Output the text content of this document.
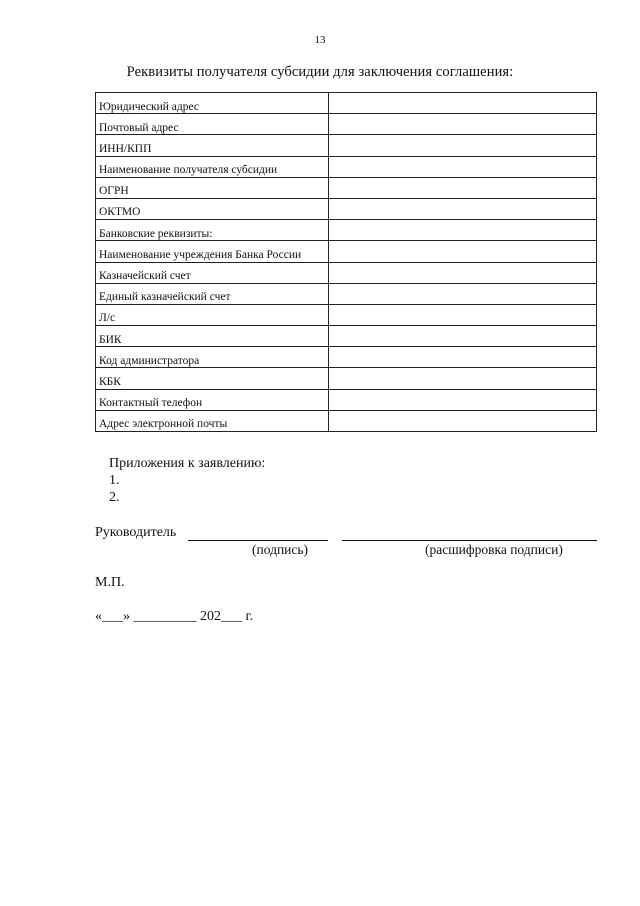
13
Реквизиты получателя субсидии для заключения соглашения:
Юридический адрес	
Почтовый адрес	
ИНН/КПП	
Наименование получателя субсидии	
ОГРН	
ОКТМО	
Банковские реквизиты:	
Наименование учреждения Банка России	
Казначейский счет	
Единый казначейский счет	
Л/с	
БИК	
Код администратора	
КБК	
Контактный телефон	
Адрес электронной почты	
Приложения к заявлению:
1.
2.
Руководитель
(подпись)	(расшифровка подписи)
М.П.
«___» _________ 202___ г.
